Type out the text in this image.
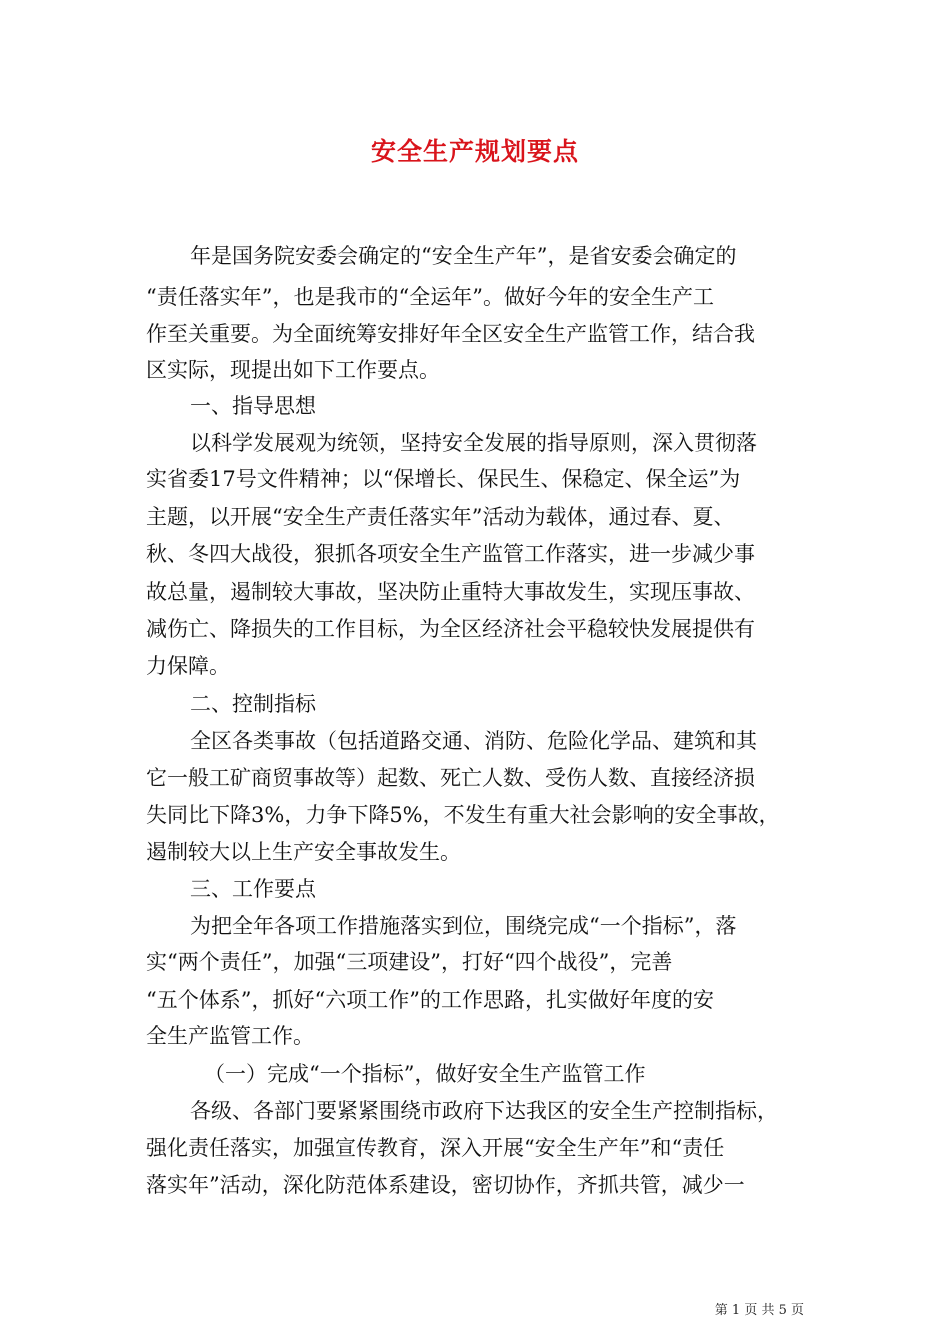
安全生产规划要点
年是国务院安委会确定的“安全生产年”，是省安委会确定的
“责任落实年”，也是我市的“全运年”。做好今年的安全生产工
作至关重要。为全面统筹安排好年全区安全生产监管工作，结合我
区实际，现提出如下工作要点。
一、指导思想
以科学发展观为统领，坚持安全发展的指导原则，深入贯彻落
实省委17号文件精神；以“保增长、保民生、保稳定、保全运”为
主题，以开展“安全生产责任落实年”活动为载体，通过春、夏、
秋、冬四大战役，狠抓各项安全生产监管工作落实，进一步减少事
故总量，遏制较大事故，坚决防止重特大事故发生，实现压事故、
减伤亡、降损失的工作目标，为全区经济社会平稳较快发展提供有
力保障。
二、控制指标
全区各类事故（包括道路交通、消防、危险化学品、建筑和其
它一般工矿商贸事故等）起数、死亡人数、受伤人数、直接经济损
失同比下降3%，力争下降5%，不发生有重大社会影响的安全事故，
遏制较大以上生产安全事故发生。
三、工作要点
为把全年各项工作措施落实到位，围绕完成“一个指标”，落
实“两个责任”，加强“三项建设”，打好“四个战役”，完善
“五个体系”，抓好“六项工作”的工作思路，扎实做好年度的安
全生产监管工作。
（一）完成“一个指标”，做好安全生产监管工作
各级、各部门要紧紧围绕市政府下达我区的安全生产控制指标，
强化责任落实，加强宣传教育，深入开展“安全生产年”和“责任
落实年”活动，深化防范体系建设，密切协作，齐抓共管，减少一
第 1 页 共 5 页
